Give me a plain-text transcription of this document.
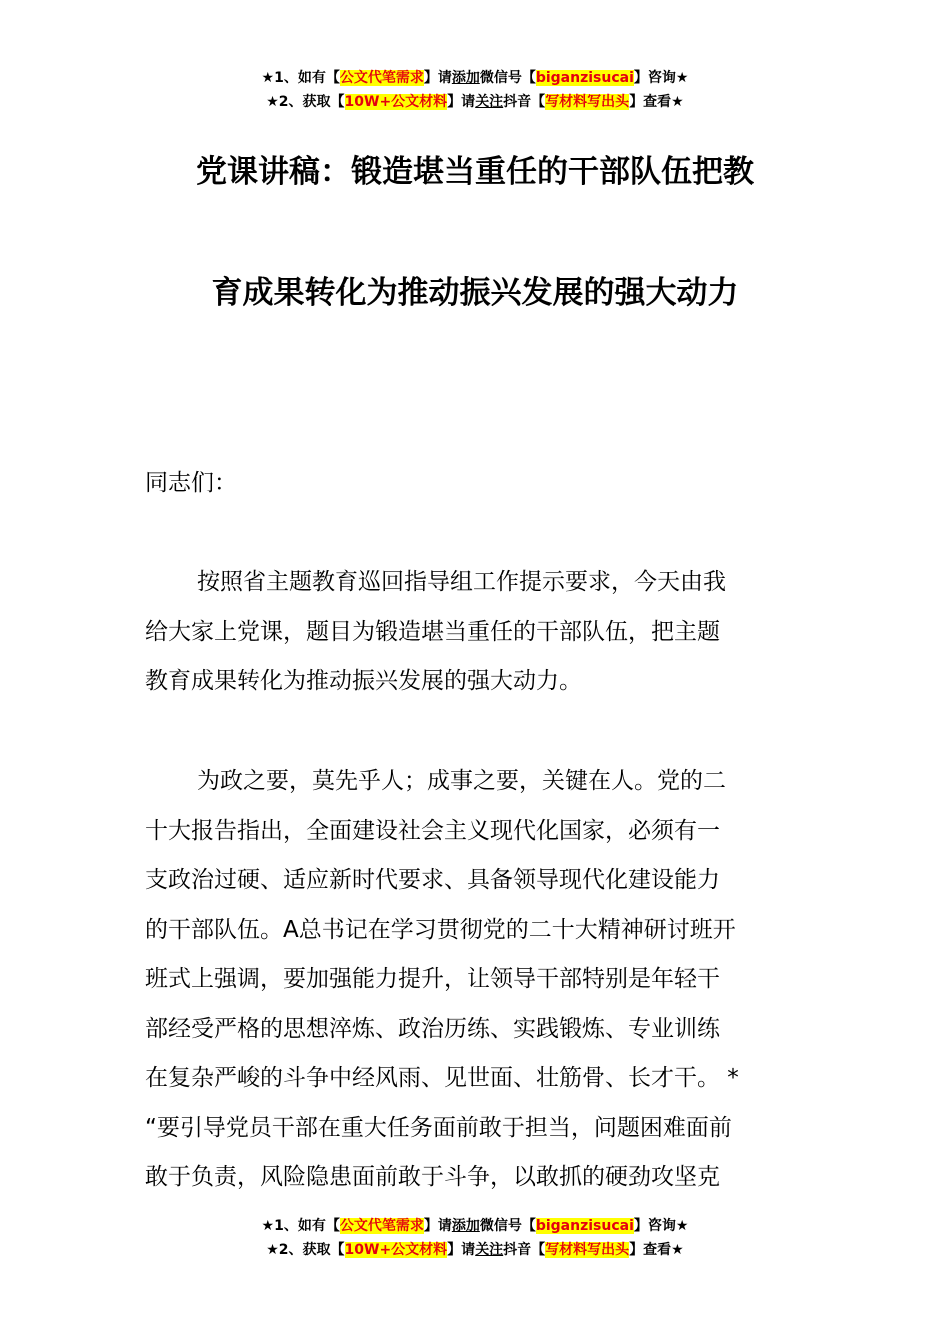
★1、如有【公文代笔需求】请添加微信号【biganzisucai】咨询★
★2、获取【10W+公文材料】请关注抖音【写材料写出头】查看★
党课讲稿：锻造堪当重任的干部队伍把教
育成果转化为推动振兴发展的强大动力
同志们：
按照省主题教育巡回指导组工作提示要求，今天由我
给大家上党课，题目为锻造堪当重任的干部队伍，把主题
教育成果转化为推动振兴发展的强大动力。
为政之要，莫先乎人；成事之要，关键在人。党的二
十大报告指出，全面建设社会主义现代化国家，必须有一
支政治过硬、适应新时代要求、具备领导现代化建设能力
的干部队伍。A总书记在学习贯彻党的二十大精神研讨班开
班式上强调，要加强能力提升，让领导干部特别是年轻干
部经受严格的思想淬炼、政治历练、实践锻炼、专业训练
在复杂严峻的斗争中经风雨、见世面、壮筋骨、长才干。 *
“要引导党员干部在重大任务面前敢于担当，问题困难面前
敢于负责，风险隐患面前敢于斗争，以敢抓的硬劲攻坚克
★1、如有【公文代笔需求】请添加微信号【biganzisucai】咨询★
★2、获取【10W+公文材料】请关注抖音【写材料写出头】查看★
